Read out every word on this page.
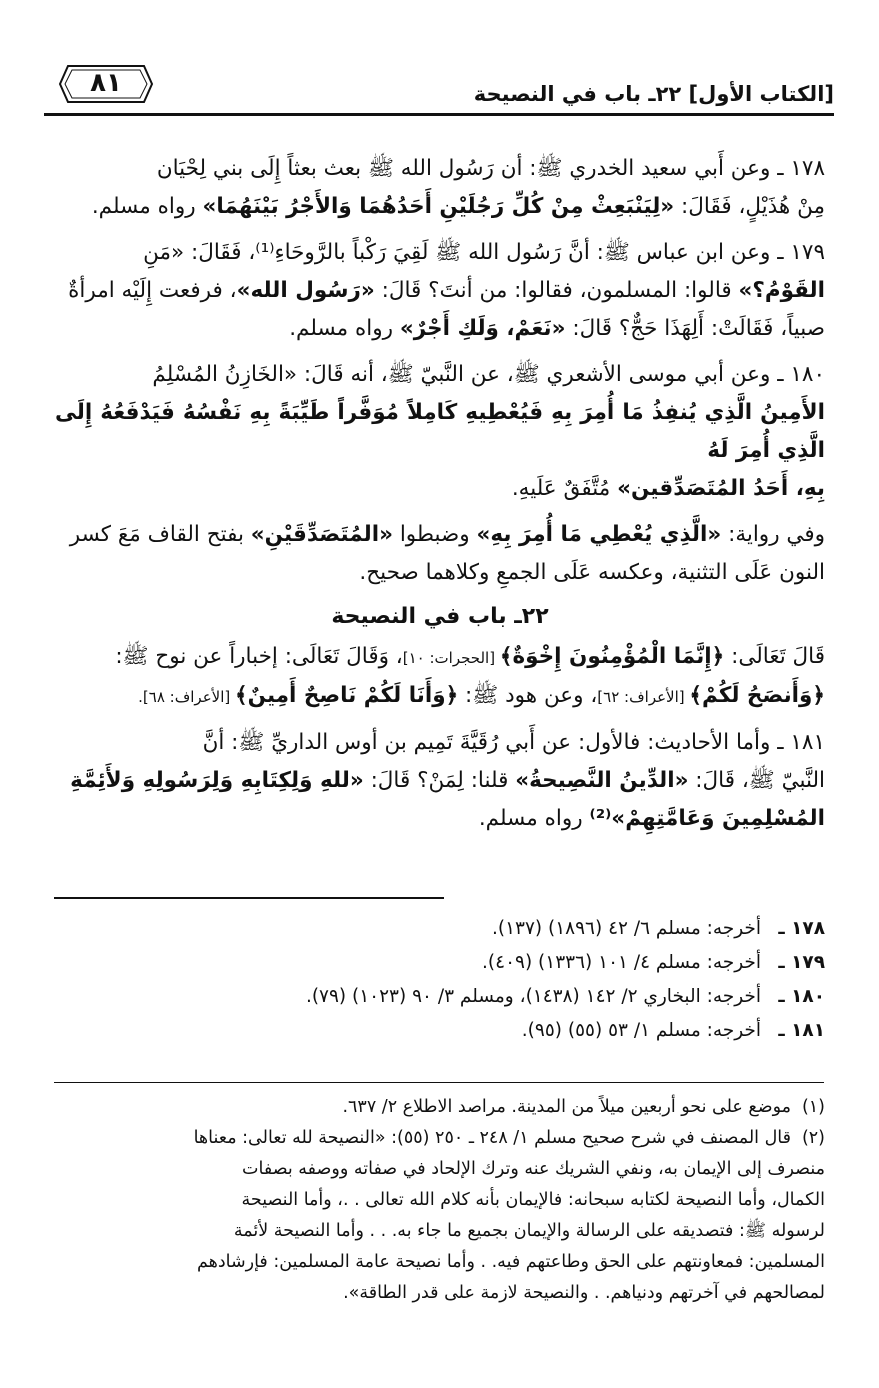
٨١	[الكتاب الأول] ٢٢ـ باب في النصيحة
١٧٨ ـ وعن أَبي سعيد الخدري ﷺ: أن رَسُول الله ﷺ بعث بعثاً إِلَى بني لِحْيَان
مِنْ هُذَيْلٍ، فَقَالَ: «لِيَنْبَعِثْ مِنْ كُلِّ رَجُلَيْنِ أَحَدُهُمَا وَالأَجْرُ بَيْنَهُمَا» رواه مسلم.
١٧٩ ـ وعن ابن عباس ﷺ: أنَّ رَسُول الله ﷺ لَقِيَ رَكْباً بالرَّوحَاءِ⁽¹⁾، فَقَالَ: «مَنِ
القَوْمُ؟» قالوا: المسلمون، فقالوا: من أنتَ؟ قَالَ: «رَسُول الله»، فرفعت إِلَيْه امرأةٌ
صبياً، فَقَالَتْ: أَلِهَذَا حَجٌّ؟ قَالَ: «نَعَمْ، وَلَكِ أَجْرٌ» رواه مسلم.
١٨٠ ـ وعن أبي موسى الأشعري ﷺ، عن النَّبيّ ﷺ، أنه قَالَ: «الخَازِنُ المُسْلِمُ
الأَمِينُ الَّذِي يُنفِذُ مَا أُمِرَ بِهِ فَيُعْطِيهِ كَامِلاً مُوَفَّراً طَيِّبَةً بِهِ نَفْسُهُ فَيَدْفَعُهُ إِلَى الَّذِي أُمِرَ لَهُ
بِهِ، أَحَدُ المُتَصَدِّقين» مُتَّفَقٌ عَلَيهِ.
وفي رواية: «الَّذِي يُعْطِي مَا أُمِرَ بِهِ» وضبطوا «المُتَصَدِّقَيْنِ» بفتح القاف مَعَ كسر
النون عَلَى التثنية، وعكسه عَلَى الجمعِ وكلاهما صحيح.
٢٢ـ باب في النصيحة
قَالَ تَعَالَى: ﴿إِنَّمَا الْمُؤْمِنُونَ إِخْوَةٌ﴾ [الحجرات: ١٠]، وَقَالَ تَعَالَى: إخباراً عن نوح ﷺ:
﴿وَأَنصَحُ لَكُمْ﴾ [الأعراف: ٦٢]، وعن هود ﷺ: ﴿وَأَنَا لَكُمْ نَاصِحٌ أَمِينٌ﴾ [الأعراف: ٦٨].
١٨١ ـ وأما الأحاديث: فالأول: عن أَبي رُقَيَّةَ تَمِيم بن أوس الداريِّ ﷺ: أنَّ
النَّبيّ ﷺ، قَالَ: «الدِّينُ النَّصِيحةُ» قلنا: لِمَنْ؟ قَالَ: «للهِ وَلِكِتَابِهِ وَلِرَسُولِهِ وَلأَئِمَّةِ
المُسْلِمِينَ وَعَامَّتِهِمْ»⁽²⁾ رواه مسلم.
١٧٨ ـأخرجه: مسلم ٦/ ٤٢ (١٨٩٦) (١٣٧).
١٧٩ ـأخرجه: مسلم ٤/ ١٠١ (١٣٣٦) (٤٠٩).
١٨٠ ـأخرجه: البخاري ٢/ ١٤٢ (١٤٣٨)، ومسلم ٣/ ٩٠ (١٠٢٣) (٧٩).
١٨١ ـأخرجه: مسلم ١/ ٥٣ (٥٥) (٩٥).

(١)موضع على نحو أربعين ميلاً من المدينة. مراصد الاطلاع ٢/ ٦٣٧.

(٢)قال المصنف في شرح صحيح مسلم ١/ ٢٤٨ ـ ٢٥٠ (٥٥): «النصيحة لله تعالى: معناها
منصرف إلى الإيمان به، ونفي الشريك عنه وترك الإلحاد في صفاته ووصفه بصفات
الكمال، وأما النصيحة لكتابه سبحانه: فالإيمان بأنه كلام الله تعالى . .، وأما النصيحة
لرسوله ﷺ: فتصديقه على الرسالة والإيمان بجميع ما جاء به. . . وأما النصيحة لأئمة
المسلمين: فمعاونتهم على الحق وطاعتهم فيه. . وأما نصيحة عامة المسلمين: فإرشادهم
لمصالحهم في آخرتهم ودنياهم. . والنصيحة لازمة على قدر الطاقة».
